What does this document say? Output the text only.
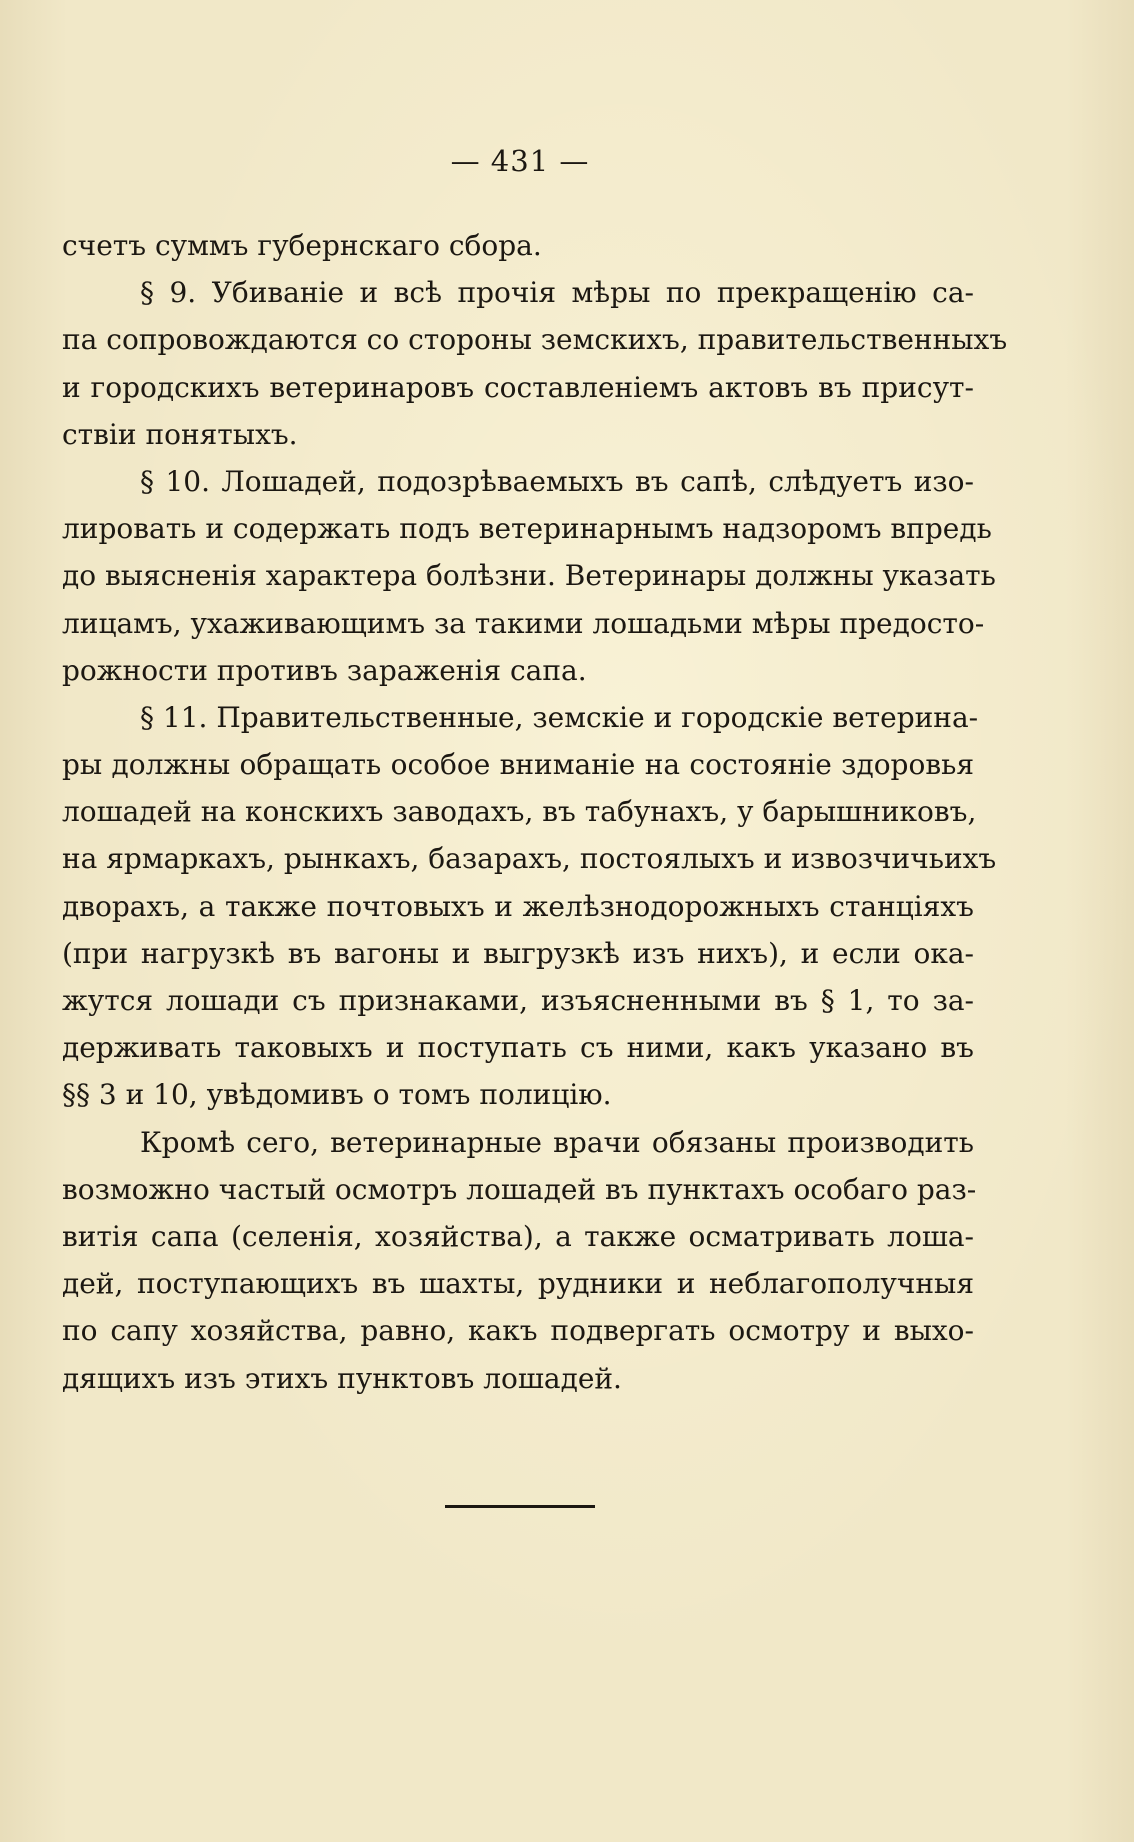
— 431 —
счетъ суммъ губернскаго сбора.
§ 9. Убиваніе и всѣ прочія мѣры по прекращенію са-
па сопровождаются со стороны земскихъ, правительственныхъ
и городскихъ ветеринаровъ составленіемъ актовъ въ присут-
ствіи понятыхъ.
§ 10. Лошадей, подозрѣваемыхъ въ сапѣ, слѣдуетъ изо-
лировать и содержать подъ ветеринарнымъ надзоромъ впредь
до выясненія характера болѣзни. Ветеринары должны указать
лицамъ, ухаживающимъ за такими лошадьми мѣры предосто-
рожности противъ зараженія сапа.
§ 11. Правительственные, земскіе и городскіе ветерина-
ры должны обращать особое вниманіе на состояніе здоровья
лошадей на конскихъ заводахъ, въ табунахъ, у барышниковъ,
на ярмаркахъ, рынкахъ, базарахъ, постоялыхъ и извозчичьихъ
дворахъ, а также почтовыхъ и желѣзнодорожныхъ станціяхъ
(при нагрузкѣ въ вагоны и выгрузкѣ изъ нихъ), и если ока-
жутся лошади съ признаками, изъясненными въ § 1, то за-
держивать таковыхъ и поступать съ ними, какъ указано въ
§§ 3 и 10, увѣдомивъ о томъ полицію.
Кромѣ сего, ветеринарные врачи обязаны производить
возможно частый осмотръ лошадей въ пунктахъ особаго раз-
витія сапа (селенія, хозяйства), а также осматривать лоша-
дей, поступающихъ въ шахты, рудники и неблагополучныя
по сапу хозяйства, равно, какъ подвергать осмотру и выхо-
дящихъ изъ этихъ пунктовъ лошадей.
